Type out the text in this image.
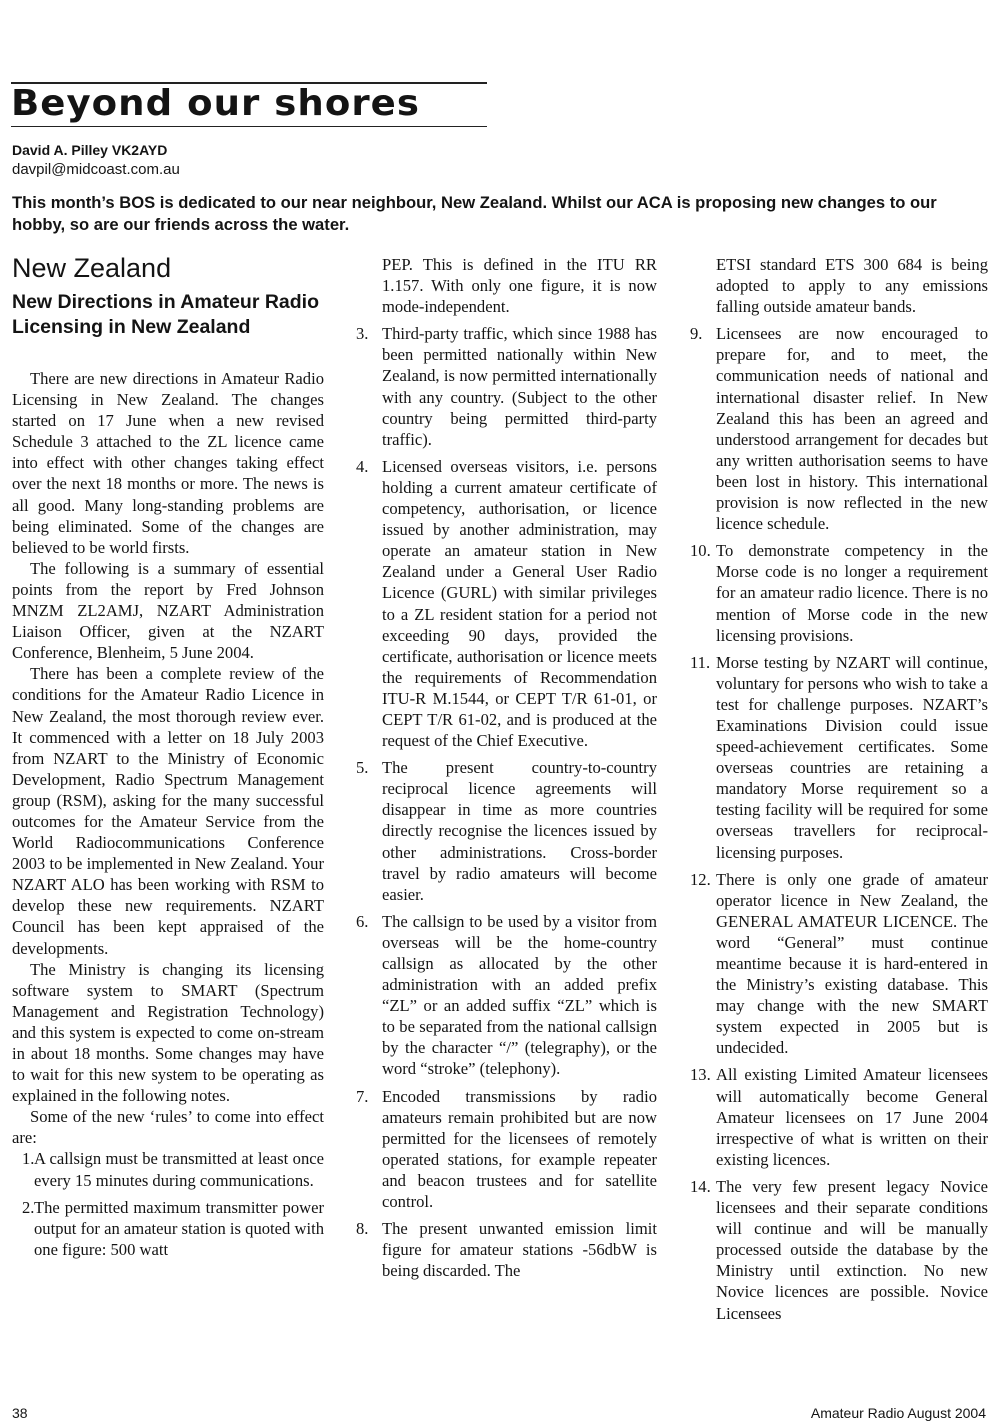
Beyond our shores
David A. Pilley VK2AYD
davpil@midcoast.com.au

This month’s BOS is dedicated to our near neighbour, New Zealand. Whilst our ACA is proposing new changes to our hobby, so are our friends across the water.

New Zealand
New Directions in Amateur Radio Licensing in New Zealand

There are new directions in Amateur Radio Licensing in New Zealand. The changes started on 17 June when a new revised Schedule 3 attached to the ZL licence came into effect with other changes taking effect over the next 18 months or more. The news is all good. Many long-standing problems are being eliminated. Some of the changes are believed to be world firsts.

The following is a summary of essential points from the report by Fred Johnson MNZM ZL2AMJ, NZART Administration Liaison Officer, given at the NZART Conference, Blenheim, 5 June 2004.

There has been a complete review of the conditions for the Amateur Radio Licence in New Zealand, the most thorough review ever. It commenced with a letter on 18 July 2003 from NZART to the Ministry of Economic Development, Radio Spectrum Management group (RSM), asking for the many successful outcomes for the Amateur Service from the World Radiocommunications Conference 2003 to be implemented in New Zealand. Your NZART ALO has been working with RSM to develop these new requirements. NZART Council has been kept appraised of the developments.

The Ministry is changing its licensing software system to SMART (Spectrum Management and Registration Technology) and this system is expected to come on-stream in about 18 months. Some changes may have to wait for this new system to be operating as explained in the following notes.

Some of the new ‘rules’ to come into effect are:

1. A callsign must be transmitted at least once every 15 minutes during communications.
2. The permitted maximum transmitter power output for an amateur station is quoted with one figure: 500 watt
PEP. This is defined in the ITU RR 1.157. With only one figure, it is now mode-independent.
3. Third-party traffic, which since 1988 has been permitted nationally within New Zealand, is now permitted internationally with any country. (Subject to the other country being permitted third-party traffic).
4. Licensed overseas visitors, i.e. persons holding a current amateur certificate of competency, authorisation, or licence issued by another administration, may operate an amateur station in New Zealand under a General User Radio Licence (GURL) with similar privileges to a ZL resident station for a period not exceeding 90 days, provided the certificate, authorisation or licence meets the requirements of Recommendation ITU-R M.1544, or CEPT T/R 61-01, or CEPT T/R 61-02, and is produced at the request of the Chief Executive.
5. The present country-to-country reciprocal licence agreements will disappear in time as more countries directly recognise the licences issued by other administrations. Cross-border travel by radio amateurs will become easier.
6. The callsign to be used by a visitor from overseas will be the home-country callsign as allocated by the other administration with an added prefix “ZL” or an added suffix “ZL” which is to be separated from the national callsign by the character “/” (telegraphy), or the word “stroke” (telephony).
7. Encoded transmissions by radio amateurs remain prohibited but are now permitted for the licensees of remotely operated stations, for example repeater and beacon trustees and for satellite control.
8. The present unwanted emission limit figure for amateur stations -56dbW is being discarded. The
ETSI standard ETS 300 684 is being adopted to apply to any emissions falling outside amateur bands.
9. Licensees are now encouraged to prepare for, and to meet, the communication needs of national and international disaster relief. In New Zealand this has been an agreed and understood arrangement for decades but any written authorisation seems to have been lost in history. This international provision is now reflected in the new licence schedule.
10. To demonstrate competency in the Morse code is no longer a requirement for an amateur radio licence. There is no mention of Morse code in the new licensing provisions.
11. Morse testing by NZART will continue, voluntary for persons who wish to take a test for challenge purposes. NZART’s Examinations Division could issue speed-achievement certificates. Some overseas countries are retaining a mandatory Morse requirement so a testing facility will be required for some overseas travellers for reciprocal-licensing purposes.
12. There is only one grade of amateur operator licence in New Zealand, the GENERAL AMATEUR LICENCE. The word “General” must continue meantime because it is hard-entered in the Ministry’s existing database. This may change with the new SMART system expected in 2005 but is undecided.
13. All existing Limited Amateur licensees will automatically become General Amateur licensees on 17 June 2004 irrespective of what is written on their existing licences.
14. The very few present legacy Novice licensees and their separate conditions will continue and will be manually processed outside the database by the Ministry until extinction. No new Novice licences are possible. Novice Licensees
38	Amateur Radio August 2004
